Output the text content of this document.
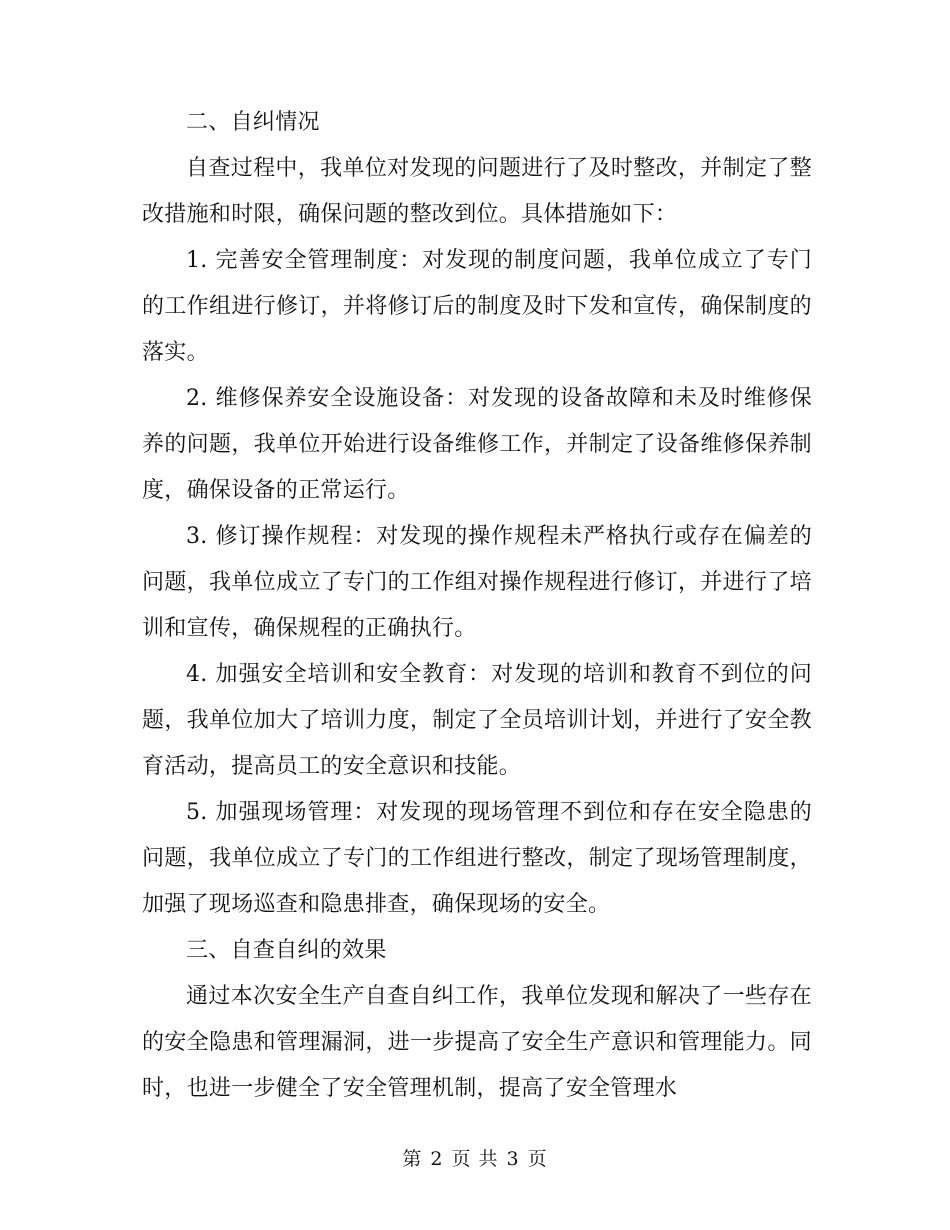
二、自纠情况

自查过程中，我单位对发现的问题进行了及时整改，并制定了整改措施和时限，确保问题的整改到位。具体措施如下：

1. 完善安全管理制度：对发现的制度问题，我单位成立了专门的工作组进行修订，并将修订后的制度及时下发和宣传，确保制度的落实。

2. 维修保养安全设施设备：对发现的设备故障和未及时维修保养的问题，我单位开始进行设备维修工作，并制定了设备维修保养制度，确保设备的正常运行。

3. 修订操作规程：对发现的操作规程未严格执行或存在偏差的问题，我单位成立了专门的工作组对操作规程进行修订，并进行了培训和宣传，确保规程的正确执行。

4. 加强安全培训和安全教育：对发现的培训和教育不到位的问题，我单位加大了培训力度，制定了全员培训计划，并进行了安全教育活动，提高员工的安全意识和技能。

5. 加强现场管理：对发现的现场管理不到位和存在安全隐患的问题，我单位成立了专门的工作组进行整改，制定了现场管理制度，加强了现场巡查和隐患排查，确保现场的安全。

三、自查自纠的效果

通过本次安全生产自查自纠工作，我单位发现和解决了一些存在的安全隐患和管理漏洞，进一步提高了安全生产意识和管理能力。同时，也进一步健全了安全管理机制，提高了安全管理水

第 2 页 共 3 页
